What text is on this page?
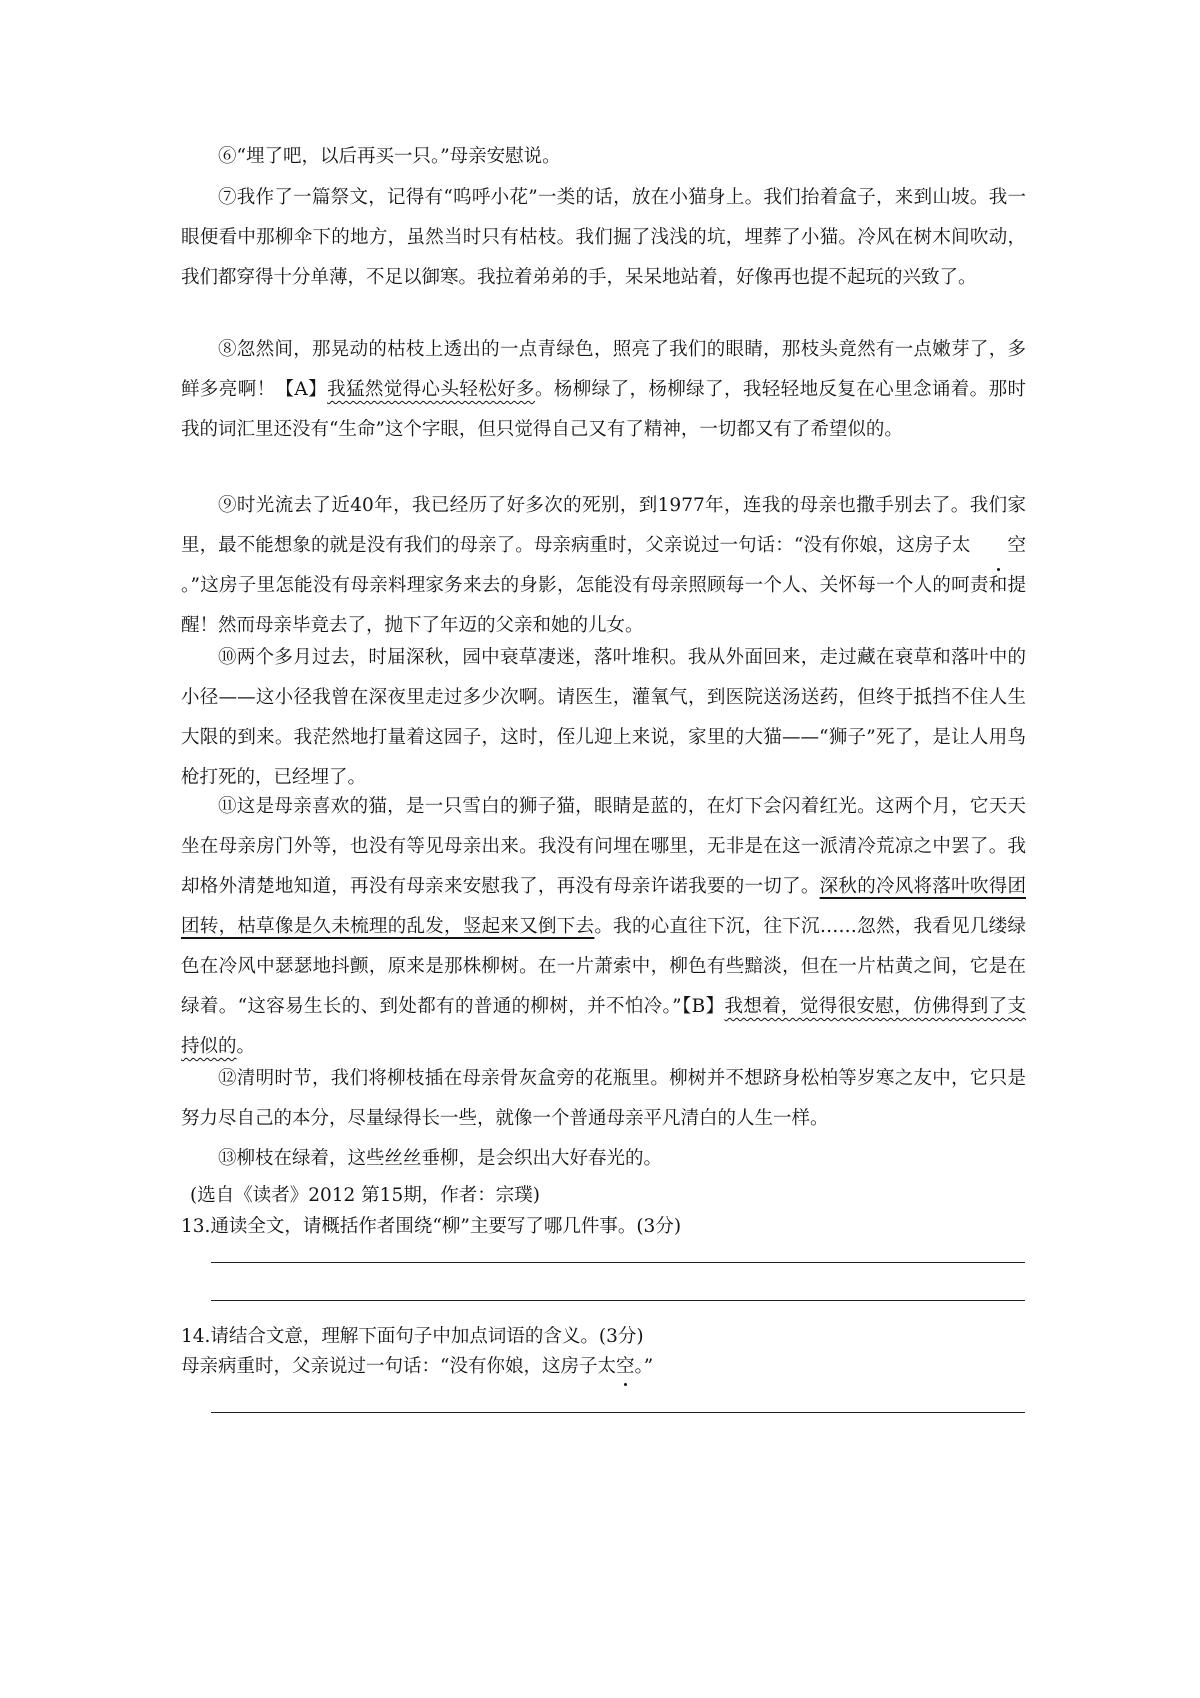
⑥“埋了吧，以后再买一只。”母亲安慰说。

⑦我作了一篇祭文，记得有“呜呼小花”一类的话，放在小猫身上。我们抬着盒子，来到山坡。我一眼便看中那柳伞下的地方，虽然当时只有枯枝。我们掘了浅浅的坑，埋葬了小猫。冷风在树木间吹动，我们都穿得十分单薄，不足以御寒。我拉着弟弟的手，呆呆地站着，好像再也提不起玩的兴致了。

⑧忽然间，那晃动的枯枝上透出的一点青绿色，照亮了我们的眼睛，那枝头竟然有一点嫩芽了，多鲜多亮啊！【A】我猛然觉得心头轻松好多。杨柳绿了，杨柳绿了，我轻轻地反复在心里念诵着。那时我的词汇里还没有“生命”这个字眼，但只觉得自己又有了精神，一切都又有了希望似的。

⑨时光流去了近40年，我已经历了好多次的死别，到1977年，连我的母亲也撒手别去了。我们家里，最不能想象的就是没有我们的母亲了。母亲病重时，父亲说过一句话：“没有你娘，这房子太 空。”这房子里怎能没有母亲料理家务来去的身影，怎能没有母亲照顾每一个人、关怀每一个人的呵责和提醒！然而母亲毕竟去了，抛下了年迈的父亲和她的儿女。

⑩两个多月过去，时届深秋，园中衰草凄迷，落叶堆积。我从外面回来，走过藏在衰草和落叶中的小径——这小径我曾在深夜里走过多少次啊。请医生，灌氧气，到医院送汤送药，但终于抵挡不住人生大限的到来。我茫然地打量着这园子，这时，侄儿迎上来说，家里的大猫——“狮子”死了，是让人用鸟枪打死的，已经埋了。

⑪这是母亲喜欢的猫，是一只雪白的狮子猫，眼睛是蓝的，在灯下会闪着红光。这两个月，它天天坐在母亲房门外等，也没有等见母亲出来。我没有问埋在哪里，无非是在这一派清冷荒凉之中罢了。我却格外清楚地知道，再没有母亲来安慰我了，再没有母亲许诺我要的一切了。深秋的冷风将落叶吹得团团转，枯草像是久未梳理的乱发，竖起来又倒下去。我的心直往下沉，往下沉……忽然，我看见几缕绿色在冷风中瑟瑟地抖颤，原来是那株柳树。在一片萧索中，柳色有些黯淡，但在一片枯黄之间，它是在绿着。“这容易生长的、到处都有的普通的柳树，并不怕冷。”【B】我想着，觉得很安慰，仿佛得到了支持似的。

⑫清明时节，我们将柳枝插在母亲骨灰盒旁的花瓶里。柳树并不想跻身松柏等岁寒之友中，它只是努力尽自己的本分，尽量绿得长一些，就像一个普通母亲平凡清白的人生一样。

⑬柳枝在绿着，这些丝丝垂柳，是会织出大好春光的。

(选自《读者》2012 第15期，作者：宗璞)

13.通读全文，请概括作者围绕“柳”主要写了哪几件事。(3分)

14.请结合文意，理解下面句子中加点词语的含义。(3分)

母亲病重时，父亲说过一句话：“没有你娘，这房子太空。”
